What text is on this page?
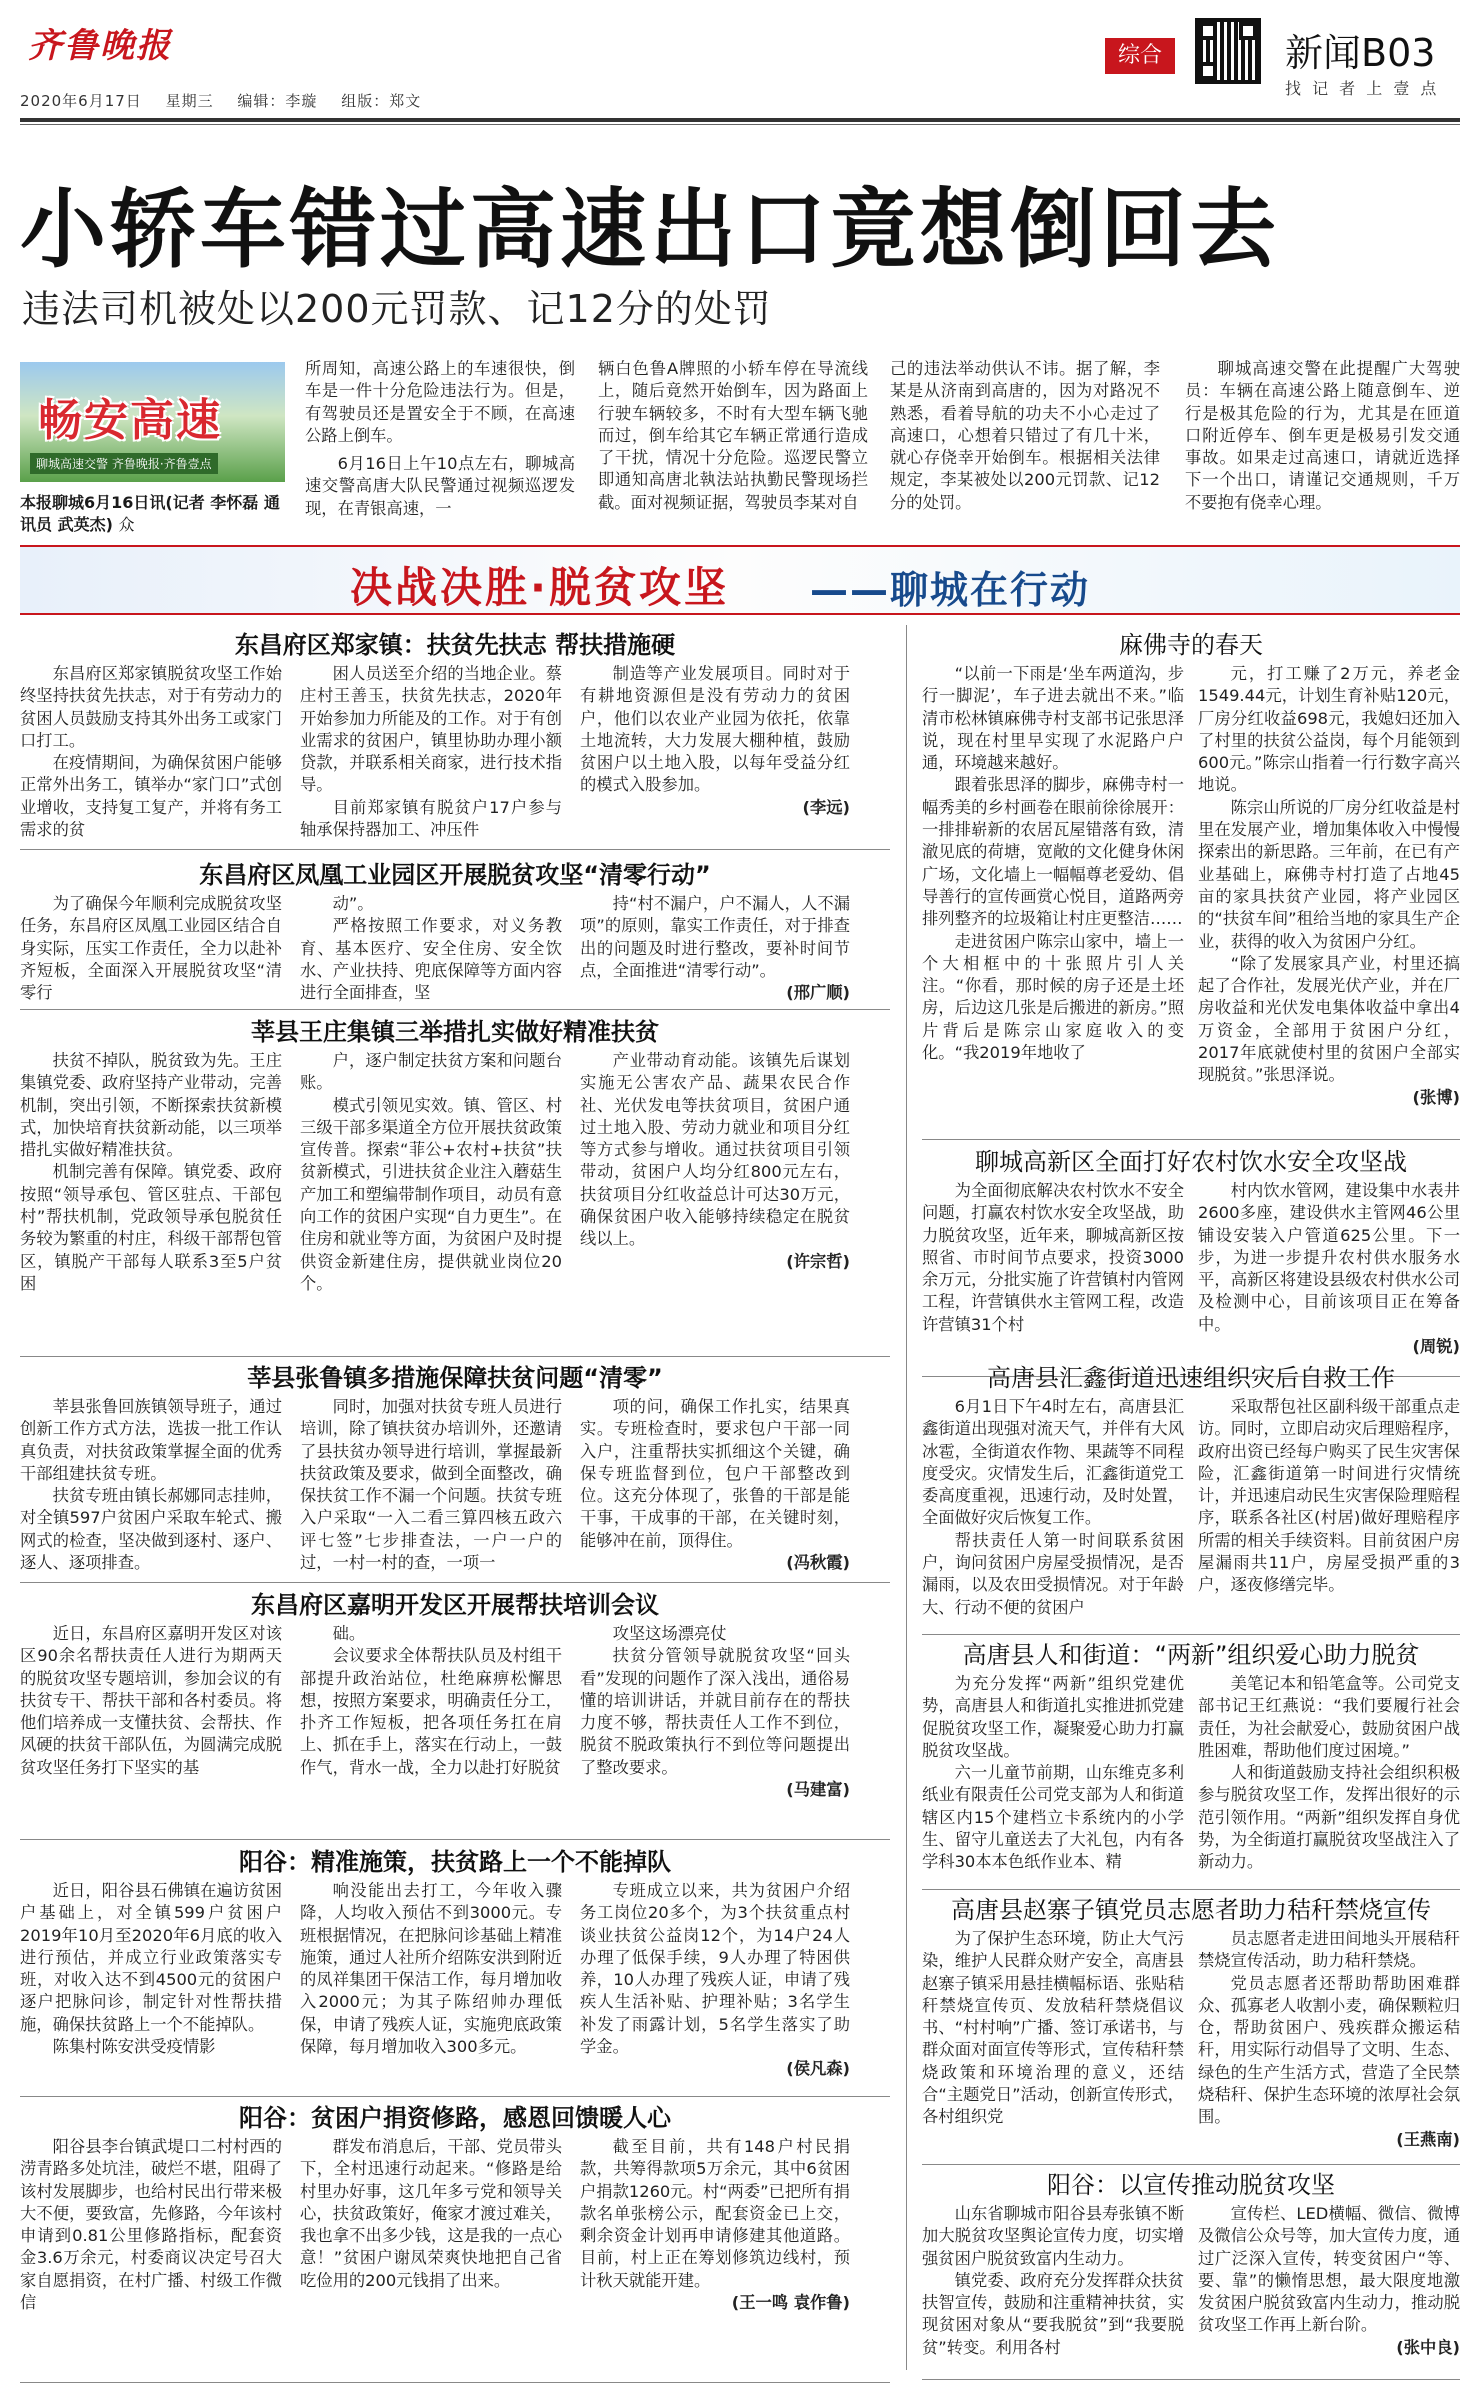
齐鲁晚报
2020年6月17日 星期三 编辑：李璇 组版：郑文
综合	新闻B03
找 记 者 上 壹 点
小轿车错过高速出口竟想倒回去
违法司机被处以200元罚款、记12分的处罚
畅安高速
聊城高速交警 齐鲁晚报·齐鲁壹点
本报聊城6月16日讯(记者 李怀磊 通讯员 武英杰) 众

所周知，高速公路上的车速很快，倒车是一件十分危险违法行为。但是，有驾驶员还是置安全于不顾，在高速公路上倒车。

6月16日上午10点左右，聊城高速交警高唐大队民警通过视频巡逻发现，在青银高速，一

辆白色鲁A牌照的小轿车停在导流线上，随后竟然开始倒车，因为路面上行驶车辆较多，不时有大型车辆飞驰而过，倒车给其它车辆正常通行造成了干扰，情况十分危险。巡逻民警立即通知高唐北執法站执勤民警现场拦截。面对视频证据，驾驶员李某对自

己的违法举动供认不讳。据了解，李某是从济南到高唐的，因为对路况不熟悉，看着导航的功夫不小心走过了高速口，心想着只错过了有几十米，就心存侥幸开始倒车。根据相关法律规定，李某被处以200元罚款、记12分的处罚。

聊城高速交警在此提醒广大驾驶员：车辆在高速公路上随意倒车、逆行是极其危险的行为，尤其是在匝道口附近停车、倒车更是极易引发交通事故。如果走过高速口，请就近选择下一个出口，请谨记交通规则，千万不要抱有侥幸心理。

决战决胜·脱贫攻坚 ——聊城在行动
东昌府区郑家镇：扶贫先扶志 帮扶措施硬

东昌府区郑家镇脱贫攻坚工作始终坚持扶贫先扶志，对于有劳动力的贫困人员鼓励支持其外出务工或家门口打工。

在疫情期间，为确保贫困户能够正常外出务工，镇举办“家门口”式创业增收，支持复工复产，并将有务工需求的贫

困人员送至介绍的当地企业。蔡庄村王善玉，扶贫先扶志，2020年开始参加力所能及的工作。对于有创业需求的贫困户，镇里协助办理小额贷款，并联系相关商家，进行技术指导。

目前郑家镇有脱贫户17户参与轴承保持器加工、冲压件

制造等产业发展项目。同时对于有耕地资源但是没有劳动力的贫困户，他们以农业产业园为依托，依靠土地流转，大力发展大棚种植，鼓励贫困户以土地入股，以每年受益分红的模式入股参加。

(李远)

东昌府区凤凰工业园区开展脱贫攻坚“清零行动”

为了确保今年顺利完成脱贫攻坚任务，东昌府区凤凰工业园区结合自身实际，压实工作责任，全力以赴补齐短板，全面深入开展脱贫攻坚“清零行

动”。

严格按照工作要求，对义务教育、基本医疗、安全住房、安全饮水、产业扶持、兜底保障等方面内容进行全面排查，坚

持“村不漏户，户不漏人，人不漏项”的原则，靠实工作责任，对于排查出的问题及时进行整改，要补时间节点，全面推进“清零行动”。

(邢广顺)

莘县王庄集镇三举措扎实做好精准扶贫

扶贫不掉队，脱贫致为先。王庄集镇党委、政府坚持产业带动，完善机制，突出引领，不断探索扶贫新模式，加快培育扶贫新动能，以三项举措扎实做好精准扶贫。

机制完善有保障。镇党委、政府按照“领导承包、管区驻点、干部包村”帮扶机制，党政领导承包脱贫任务较为繁重的村庄，科级干部帮包管区，镇脱产干部每人联系3至5户贫困

户，逐户制定扶贫方案和问题台账。

模式引领见实效。镇、管区、村三级干部多渠道全方位开展扶贫政策宣传普。探索“菲公+农村+扶贫”扶贫新模式，引进扶贫企业注入蘑菇生产加工和塑编带制作项目，动员有意向工作的贫困户实现“自力更生”。在住房和就业等方面，为贫困户及时提供资金新建住房，提供就业岗位20个。

产业带动育动能。该镇先后谋划实施无公害农产品、蔬果农民合作社、光伏发电等扶贫项目，贫困户通过土地入股、劳动力就业和项目分红等方式参与增收。通过扶贫项目引领带动，贫困户人均分红800元左右，扶贫项目分红收益总计可达30万元，确保贫困户收入能够持续稳定在脱贫线以上。

(许宗哲)

莘县张鲁镇多措施保障扶贫问题“清零”

莘县张鲁回族镇领导班子，通过创新工作方式方法，选拔一批工作认真负责，对扶贫政策掌握全面的优秀干部组建扶贫专班。

扶贫专班由镇长郝娜同志挂帅，对全镇597户贫困户采取车轮式、搬网式的检查，坚决做到逐村、逐户、逐人、逐项排查。

同时，加强对扶贫专班人员进行培训，除了镇扶贫办培训外，还邀请了县扶贫办领导进行培训，掌握最新扶贫政策及要求，做到全面整改，确保扶贫工作不漏一个问题。扶贫专班入户采取“一入二看三算四核五政六评七签”七步排查法，一户一户的过，一村一村的查，一项一

项的问，确保工作扎实，结果真实。专班检查时，要求包户干部一同入户，注重帮扶实抓细这个关键，确保专班监督到位，包户干部整改到位。这充分体现了，张鲁的干部是能干事，干成事的干部，在关键时刻，能够冲在前，顶得住。

(冯秋霞)

东昌府区嘉明开发区开展帮扶培训会议

近日，东昌府区嘉明开发区对该区90余名帮扶责任人进行为期两天的脱贫攻坚专题培训，参加会议的有扶贫专干、帮扶干部和各村委员。将他们培养成一支懂扶贫、会帮扶、作风硬的扶贫干部队伍，为圆满完成脱贫攻坚任务打下坚实的基

础。

会议要求全体帮扶队员及村组干部提升政治站位，杜绝麻痹松懈思想，按照方案要求，明确责任分工，扑齐工作短板，把各项任务扛在肩上、抓在手上，落实在行动上，一鼓作气，背水一战，全力以赴打好脱贫

攻坚这场漂亮仗

扶贫分管领导就脱贫攻坚“回头看”发现的问题作了深入浅出，通俗易懂的培训讲话，并就目前存在的帮扶力度不够，帮扶责任人工作不到位，脱贫不脱政策执行不到位等问题提出了整改要求。

(马建富)

阳谷：精准施策，扶贫路上一个不能掉队

近日，阳谷县石佛镇在遍访贫困户基础上，对全镇599户贫困户2019年10月至2020年6月底的收入进行预估，并成立行业政策落实专班，对收入达不到4500元的贫困户逐户把脉问诊，制定针对性帮扶措施，确保扶贫路上一个不能掉队。

陈集村陈安洪受疫情影

响没能出去打工，今年收入骤降，人均收入预估不到3000元。专班根据情况，在把脉问诊基础上精准施策，通过人社所介绍陈安洪到附近的凤祥集团干保洁工作，每月增加收入2000元；为其子陈绍帅办理低保，申请了残疾人证，实施兜底政策保障，每月增加收入300多元。

专班成立以来，共为贫困户介绍务工岗位20多个，为3个扶贫重点村谈业扶贫公益岗12个，为14户24人办理了低保手续，9人办理了特困供养，10人办理了残疾人证，申请了残疾人生活补贴、护理补贴；3名学生补发了雨露计划，5名学生落实了助学金。

(侯凡森)

阳谷：贫困户捐资修路，感恩回馈暖人心

阳谷县李台镇武堤口二村村西的涝青路多处坑洼，破烂不堪，阻碍了该村发展脚步，也给村民出行带来极大不便，要致富，先修路，今年该村申请到0.81公里修路指标，配套资金3.6万余元，村委商议决定号召大家自愿捐资，在村广播、村级工作微信

群发布消息后，干部、党员带头下，全村迅速行动起来。“修路是给村里办好事，这几年多亏党和领导关心，扶贫政策好，俺家才渡过难关，我也拿不出多少钱，这是我的一点心意！”贫困户谢凤荣爽快地把自己省吃俭用的200元钱捐了出来。

截至目前，共有148户村民捐款，共筹得款项5万余元，其中6贫困户捐款1260元。村“两委”已把所有捐款名单张榜公示，配套资金已上交，剩余资金计划再申请修建其他道路。目前，村上正在筹划修筑边线村，预计秋天就能开建。

(王一鸣 袁作鲁)

麻佛寺的春天

“以前一下雨是‘坐车两道沟，步行一脚泥’，车子进去就出不来。”临清市松林镇麻佛寺村支部书记张思泽说，现在村里早实现了水泥路户户通，环境越来越好。

跟着张思泽的脚步，麻佛寺村一幅秀美的乡村画卷在眼前徐徐展开：一排排崭新的农居瓦屋错落有致，清澈见底的荷塘，宽敞的文化健身休闲广场，文化墙上一幅幅尊老爱幼、倡导善行的宣传画赏心悦目，道路两旁排列整齐的垃圾箱让村庄更整洁……

走进贫困户陈宗山家中，墙上一个大相框中的十张照片引人关注。“你看，那时候的房子还是土坯房，后边这几张是后搬进的新房。”照片背后是陈宗山家庭收入的变化。“我2019年地收了

元，打工赚了2万元，养老金1549.44元，计划生育补贴120元，厂房分红收益698元，我媳妇还加入了村里的扶贫公益岗，每个月能领到600元。”陈宗山指着一行行数字高兴地说。

陈宗山所说的厂房分红收益是村里在发展产业，增加集体收入中慢慢探索出的新思路。三年前，在已有产业基础上，麻佛寺村打造了占地45亩的家具扶贫产业园，将产业园区的“扶贫车间”租给当地的家具生产企业，获得的收入为贫困户分红。

“除了发展家具产业，村里还搞起了合作社，发展光伏产业，并在厂房收益和光伏发电集体收益中拿出4万资金，全部用于贫困户分红，2017年底就使村里的贫困户全部实现脱贫。”张思泽说。

(张博)

聊城高新区全面打好农村饮水安全攻坚战

为全面彻底解决农村饮水不安全问题，打赢农村饮水安全攻坚战，助力脱贫攻坚，近年来，聊城高新区按照省、市时间节点要求，投资3000余万元，分批实施了许营镇村内管网工程，许营镇供水主管网工程，改造许营镇31个村

村内饮水管网，建设集中水表井2600多座，建设供水主管网46公里铺设安装入户管道625公里。下一步，为进一步提升农村供水服务水平，高新区将建设县级农村供水公司及检测中心，目前该项目正在筹备中。

(周锐)

高唐县汇鑫街道迅速组织灾后自救工作

6月1日下午4时左右，高唐县汇鑫街道出现强对流天气，并伴有大风冰雹，全街道农作物、果蔬等不同程度受灾。灾情发生后，汇鑫街道党工委高度重视，迅速行动，及时处置，全面做好灾后恢复工作。

帮扶责任人第一时间联系贫困户，询问贫困户房屋受损情况，是否漏雨，以及农田受损情况。对于年龄大、行动不便的贫困户

采取帮包社区副科级干部重点走访。同时，立即启动灾后理赔程序，政府出资已经每户购买了民生灾害保险，汇鑫街道第一时间进行灾情统计，并迅速启动民生灾害保险理赔程序，联系各社区(村居)做好理赔程序所需的相关手续资料。目前贫困户房屋漏雨共11户，房屋受损严重的3户，逐夜修缮完毕。

高唐县人和街道：“两新”组织爱心助力脱贫

为充分发挥“两新”组织党建优势，高唐县人和街道扎实推进抓党建促脱贫攻坚工作，凝聚爱心助力打赢脱贫攻坚战。

六一儿童节前期，山东维克多利纸业有限责任公司党支部为人和街道辖区内15个建档立卡系统内的小学生、留守儿童送去了大礼包，内有各学科30本本色纸作业本、精

美笔记本和铅笔盒等。公司党支部书记王红燕说：“我们要履行社会责任，为社会献爱心，鼓励贫困户战胜困难，帮助他们度过困境。”

人和街道鼓励支持社会组织积极参与脱贫攻坚工作，发挥出很好的示范引领作用。“两新”组织发挥自身优势，为全街道打赢脱贫攻坚战注入了新动力。

高唐县赵寨子镇党员志愿者助力秸秆禁烧宣传

为了保护生态环境，防止大气污染，维护人民群众财产安全，高唐县赵寨子镇采用悬挂横幅标语、张贴秸秆禁烧宣传页、发放秸秆禁烧倡议书、“村村响”广播、签订承诺书，与群众面对面宣传等形式，宣传秸秆禁烧政策和环境治理的意义，还结合“主题党日”活动，创新宣传形式，各村组织党

员志愿者走进田间地头开展秸秆禁烧宣传活动，助力秸秆禁烧。

党员志愿者还帮助帮助困难群众、孤寡老人收割小麦，确保颗粒归仓，帮助贫困户、残疾群众搬运秸秆，用实际行动倡导了文明、生态、绿色的生产生活方式，营造了全民禁烧秸秆、保护生态环境的浓厚社会氛围。

(王燕南)

阳谷：以宣传推动脱贫攻坚

山东省聊城市阳谷县寿张镇不断加大脱贫攻坚舆论宣传力度，切实增强贫困户脱贫致富内生动力。

镇党委、政府充分发挥群众扶贫扶智宣传，鼓励和注重精神扶贫，实现贫困对象从“要我脱贫”到“我要脱贫”转变。利用各村

宣传栏、LED横幅、微信、微博及微信公众号等，加大宣传力度，通过广泛深入宣传，转变贫困户“等、要、靠”的懒惰思想，最大限度地激发贫困户脱贫致富内生动力，推动脱贫攻坚工作再上新台阶。

(张中良)
